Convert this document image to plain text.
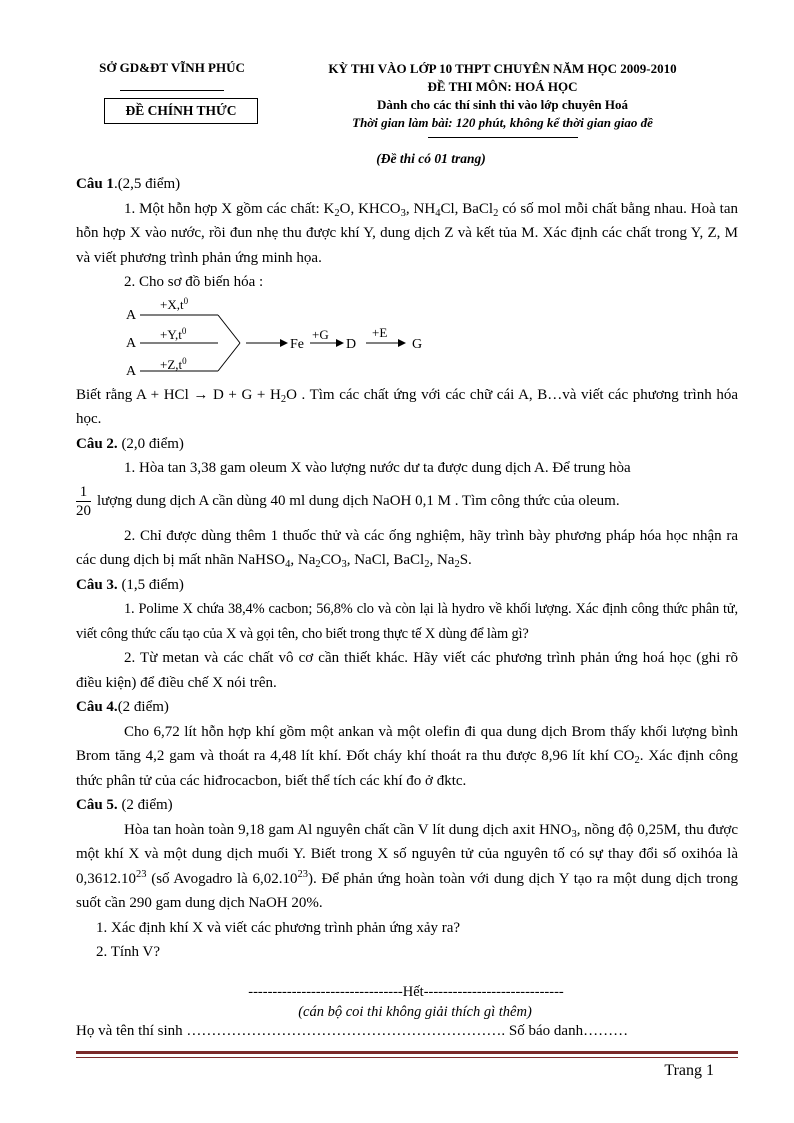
SỞ GD&ĐT VĨNH PHÚC
ĐỀ CHÍNH THỨC
KỲ THI VÀO LỚP 10 THPT CHUYÊN NĂM HỌC 2009-2010
ĐỀ THI MÔN: HOÁ HỌC
Dành cho các thí sinh thi vào lớp chuyên Hoá
Thời gian làm bài: 120 phút, không kể thời gian giao đề
(Đề thi có 01 trang)
Câu 1.(2,5 điểm)

1. Một hỗn hợp X gồm các chất: $K_2O$, $KHCO_3$, $NH_4Cl$, BaCl$_2$ có số mol mỗi chất bằng nhau. Hoà tan hỗn hợp X vào nước, rồi đun nhẹ thu được khí Y, dung dịch Z và kết tủa M. Xác định các chất trong Y, Z, M và viết phương trình phản ứng minh họa.

2. Cho sơ đồ biến hóa :

A
A
A
$+X,t^0$
$+Y,t^0$
$+Z,t^0$
Fe
+G
D
+E
G

Biết rằng A + HCl → $D + G + H_2O$ . Tìm các chất ứng với các chữ cái A, B…và viết các phương trình hóa học.

Câu 2. (2,0 điểm)

1. Hòa tan 3,38 gam oleum X vào lượng nước dư ta được dung dịch A. Để trung hòa

$\frac{1}{20}$ lượng dung dịch A cần dùng 40 ml dung dịch NaOH 0,1 M . Tìm công thức của oleum.

2. Chỉ được dùng thêm 1 thuốc thử và các ống nghiệm, hãy trình bày phương pháp hóa học nhận ra các dung dịch bị mất nhãn NaHSO$_4$, $Na_2CO_3$, NaCl, BaCl$_2$, $Na_2S$.

Câu 3. (1,5 điểm)

1. Polime X chứa 38,4% cacbon; 56,8% clo và còn lại là hydro về khối lượng. Xác định công thức phân tử, viết công thức cấu tạo của X và gọi tên, cho biết trong thực tế X dùng để làm gì?

2. Từ metan và các chất vô cơ cần thiết khác. Hãy viết các phương trình phản ứng hoá học (ghi rõ điều kiện) để điều chế X nói trên.

Câu 4.(2 điểm)

Cho 6,72 lít hỗn hợp khí gồm một ankan và một olefin đi qua dung dịch Brom thấy khối lượng bình Brom tăng 4,2 gam và thoát ra 4,48 lít khí. Đốt cháy khí thoát ra thu được 8,96 lít khí $CO_2$. Xác định công thức phân tử của các hiđrocacbon, biết thể tích các khí đo ở đktc.

Câu 5. (2 điểm)

Hòa tan hoàn toàn 9,18 gam Al nguyên chất cần V lít dung dịch axit $HNO_3$, nồng độ 0,25M, thu được một khí X và một dung dịch muối Y. Biết trong X số nguyên tử của nguyên tố có sự thay đổi số oxihóa là 0,3612.10$^{23}$ (số Avogadro là 6,02.10$^{23}$). Để phản ứng hoàn toàn với dung dịch Y tạo ra một dung dịch trong suốt cần 290 gam dung dịch NaOH 20%.

1. Xác định khí X và viết các phương trình phản ứng xảy ra?

2. Tính V?

--------------------------------Hết-----------------------------
(cán bộ coi thi không giải thích gì thêm)
Họ và tên thí sinh ………………………………………………………. Số báo danh………
Trang 1
